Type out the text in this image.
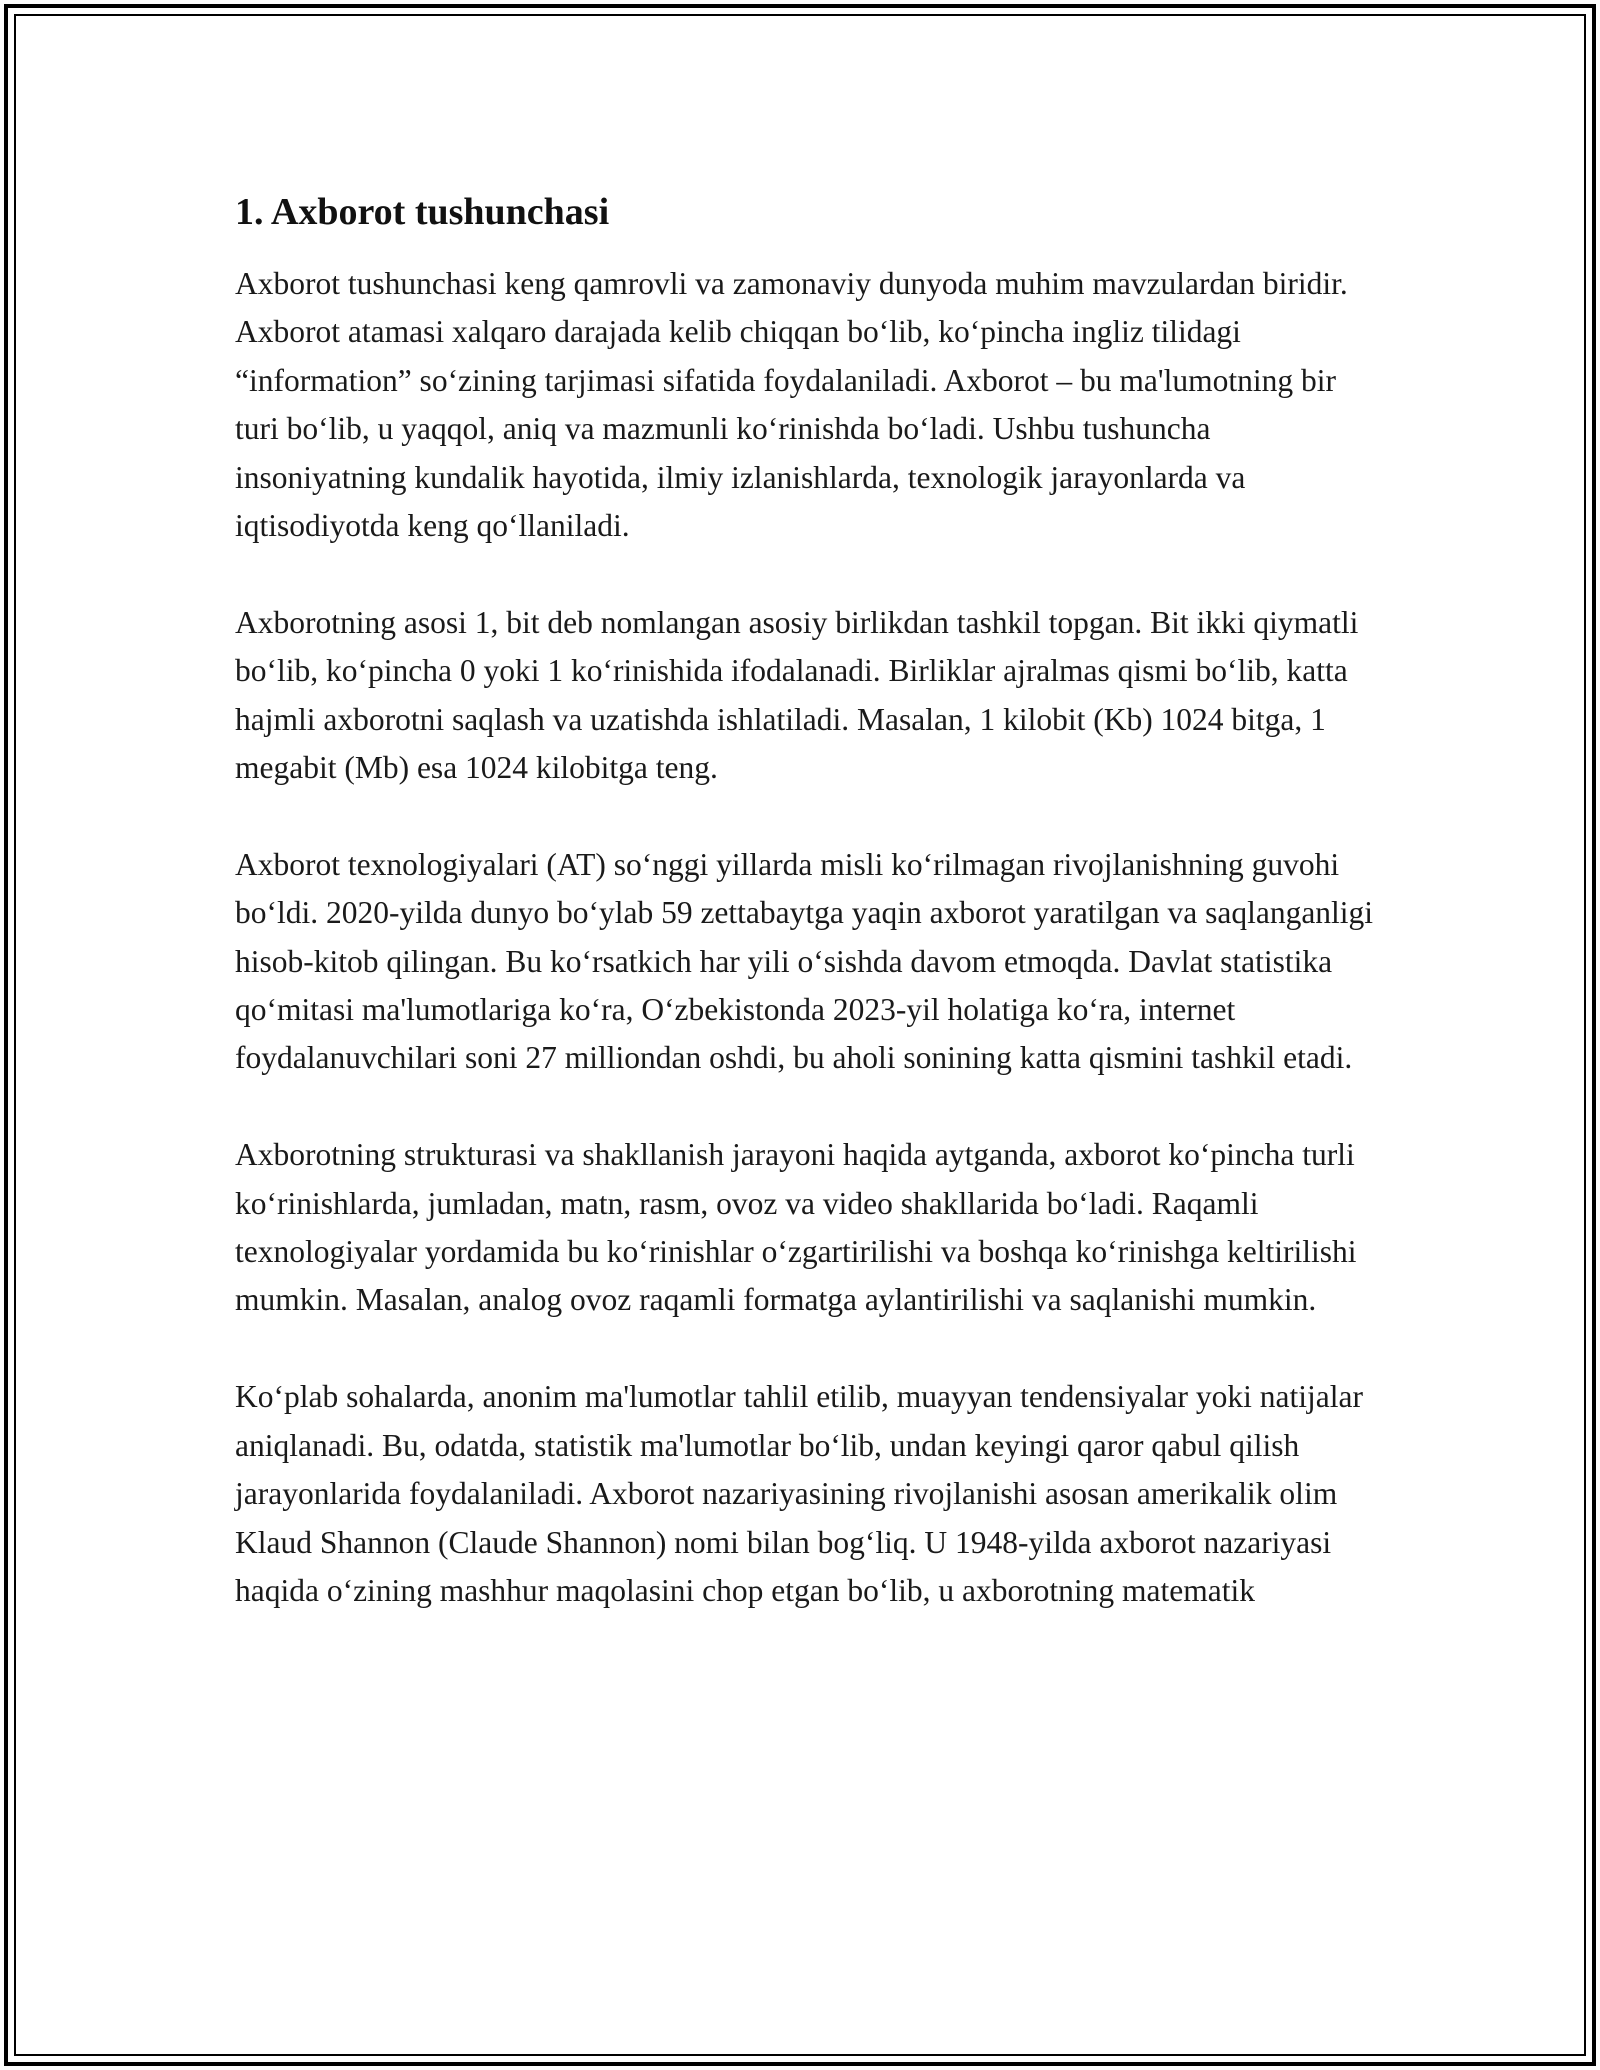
1. Axborot tushunchasi

Axborot tushunchasi keng qamrovli va zamonaviy dunyoda muhim mavzulardan biridir. Axborot atamasi xalqaro darajada kelib chiqqan bo‘lib, ko‘pincha ingliz tilidagi “information” so‘zining tarjimasi sifatida foydalaniladi. Axborot – bu ma'lumotning bir turi bo‘lib, u yaqqol, aniq va mazmunli ko‘rinishda bo‘ladi. Ushbu tushuncha insoniyatning kundalik hayotida, ilmiy izlanishlarda, texnologik jarayonlarda va iqtisodiyotda keng qo‘llaniladi.

Axborotning asosi 1, bit deb nomlangan asosiy birlikdan tashkil topgan. Bit ikki qiymatli bo‘lib, ko‘pincha 0 yoki 1 ko‘rinishida ifodalanadi. Birliklar ajralmas qismi bo‘lib, katta hajmli axborotni saqlash va uzatishda ishlatiladi. Masalan, 1 kilobit (Kb) 1024 bitga, 1 megabit (Mb) esa 1024 kilobitga teng.

Axborot texnologiyalari (AT) so‘nggi yillarda misli ko‘rilmagan rivojlanishning guvohi bo‘ldi. 2020-yilda dunyo bo‘ylab 59 zettabaytga yaqin axborot yaratilgan va saqlanganligi hisob-kitob qilingan. Bu ko‘rsatkich har yili o‘sishda davom etmoqda. Davlat statistika qo‘mitasi ma'lumotlariga ko‘ra, O‘zbekistonda 2023-yil holatiga ko‘ra, internet foydalanuvchilari soni 27 milliondan oshdi, bu aholi sonining katta qismini tashkil etadi.

Axborotning strukturasi va shakllanish jarayoni haqida aytganda, axborot ko‘pincha turli ko‘rinishlarda, jumladan, matn, rasm, ovoz va video shakllarida bo‘ladi. Raqamli texnologiyalar yordamida bu ko‘rinishlar o‘zgartirilishi va boshqa ko‘rinishga keltirilishi mumkin. Masalan, analog ovoz raqamli formatga aylantirilishi va saqlanishi mumkin.

Ko‘plab sohalarda, anonim ma'lumotlar tahlil etilib, muayyan tendensiyalar yoki natijalar aniqlanadi. Bu, odatda, statistik ma'lumotlar bo‘lib, undan keyingi qaror qabul qilish jarayonlarida foydalaniladi. Axborot nazariyasining rivojlanishi asosan amerikalik olim Klaud Shannon (Claude Shannon) nomi bilan bog‘liq. U 1948-yilda axborot nazariyasi haqida o‘zining mashhur maqolasini chop etgan bo‘lib, u axborotning matematik
